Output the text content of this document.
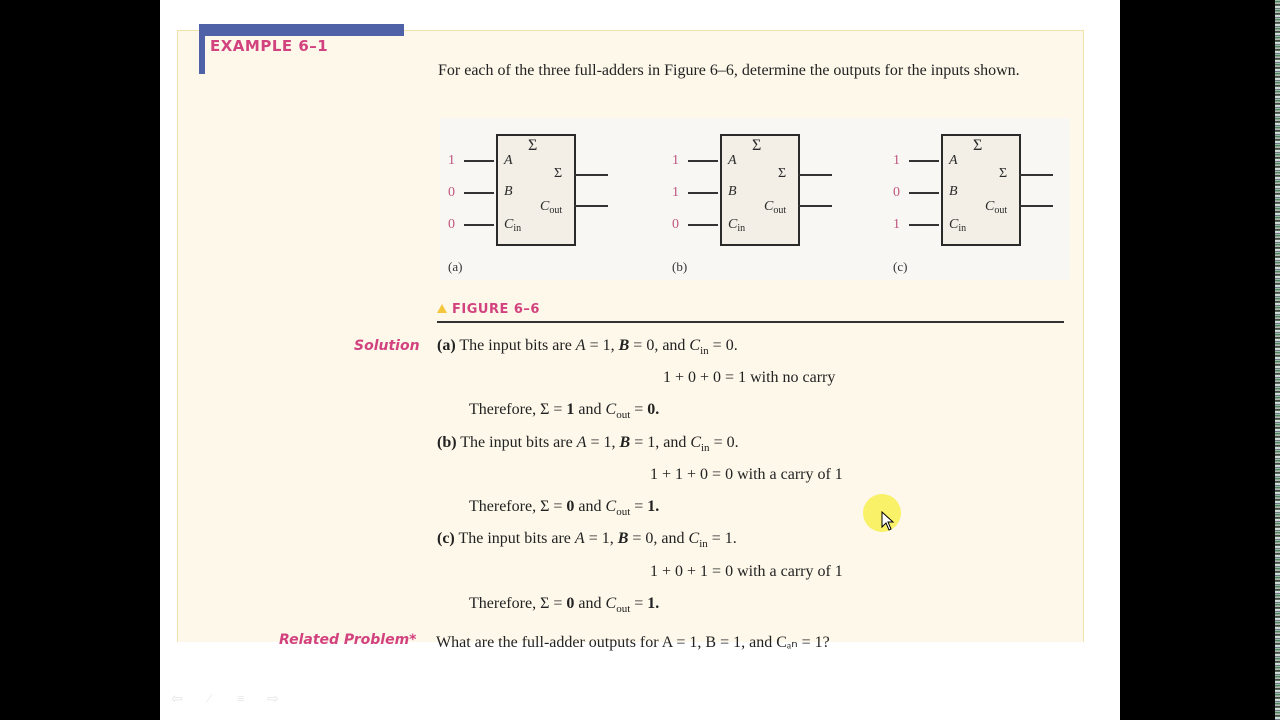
EXAMPLE 6–1
For each of the three full-adders in Figure 6–6, determine the outputs for the inputs shown.
Σ
A
B
$C_{in}$
Σ
$C_{out}$
1
0
0
(a)
Σ
A
B
$C_{in}$
Σ
$C_{out}$
1
1
0
(b)
Σ
A
B
$C_{in}$
Σ
$C_{out}$
1
0
1
(c)
FIGURE 6–6
Solution (a) The input bits are A = 1, B = 0, and $C_{in} = 0$.
1 + 0 + 0 = 1 with no carry
Therefore, Σ = 1 and $C_{out} = 0$.
(b) The input bits are A = 1, B = 1, and $C_{in} = 0$.
1 + 1 + 0 = 0 with a carry of 1
Therefore, Σ = 0 and $C_{out} = 1$.
(c) The input bits are A = 1, B = 0, and $C_{in} = 1$.
1 + 0 + 1 = 0 with a carry of 1
Therefore, Σ = 0 and $C_{out} = 1$.
Related Problem* What are the full-adder outputs for A = 1, B = 1, and Cₐₙ = 1?
⇦	∕	≡	⇨
